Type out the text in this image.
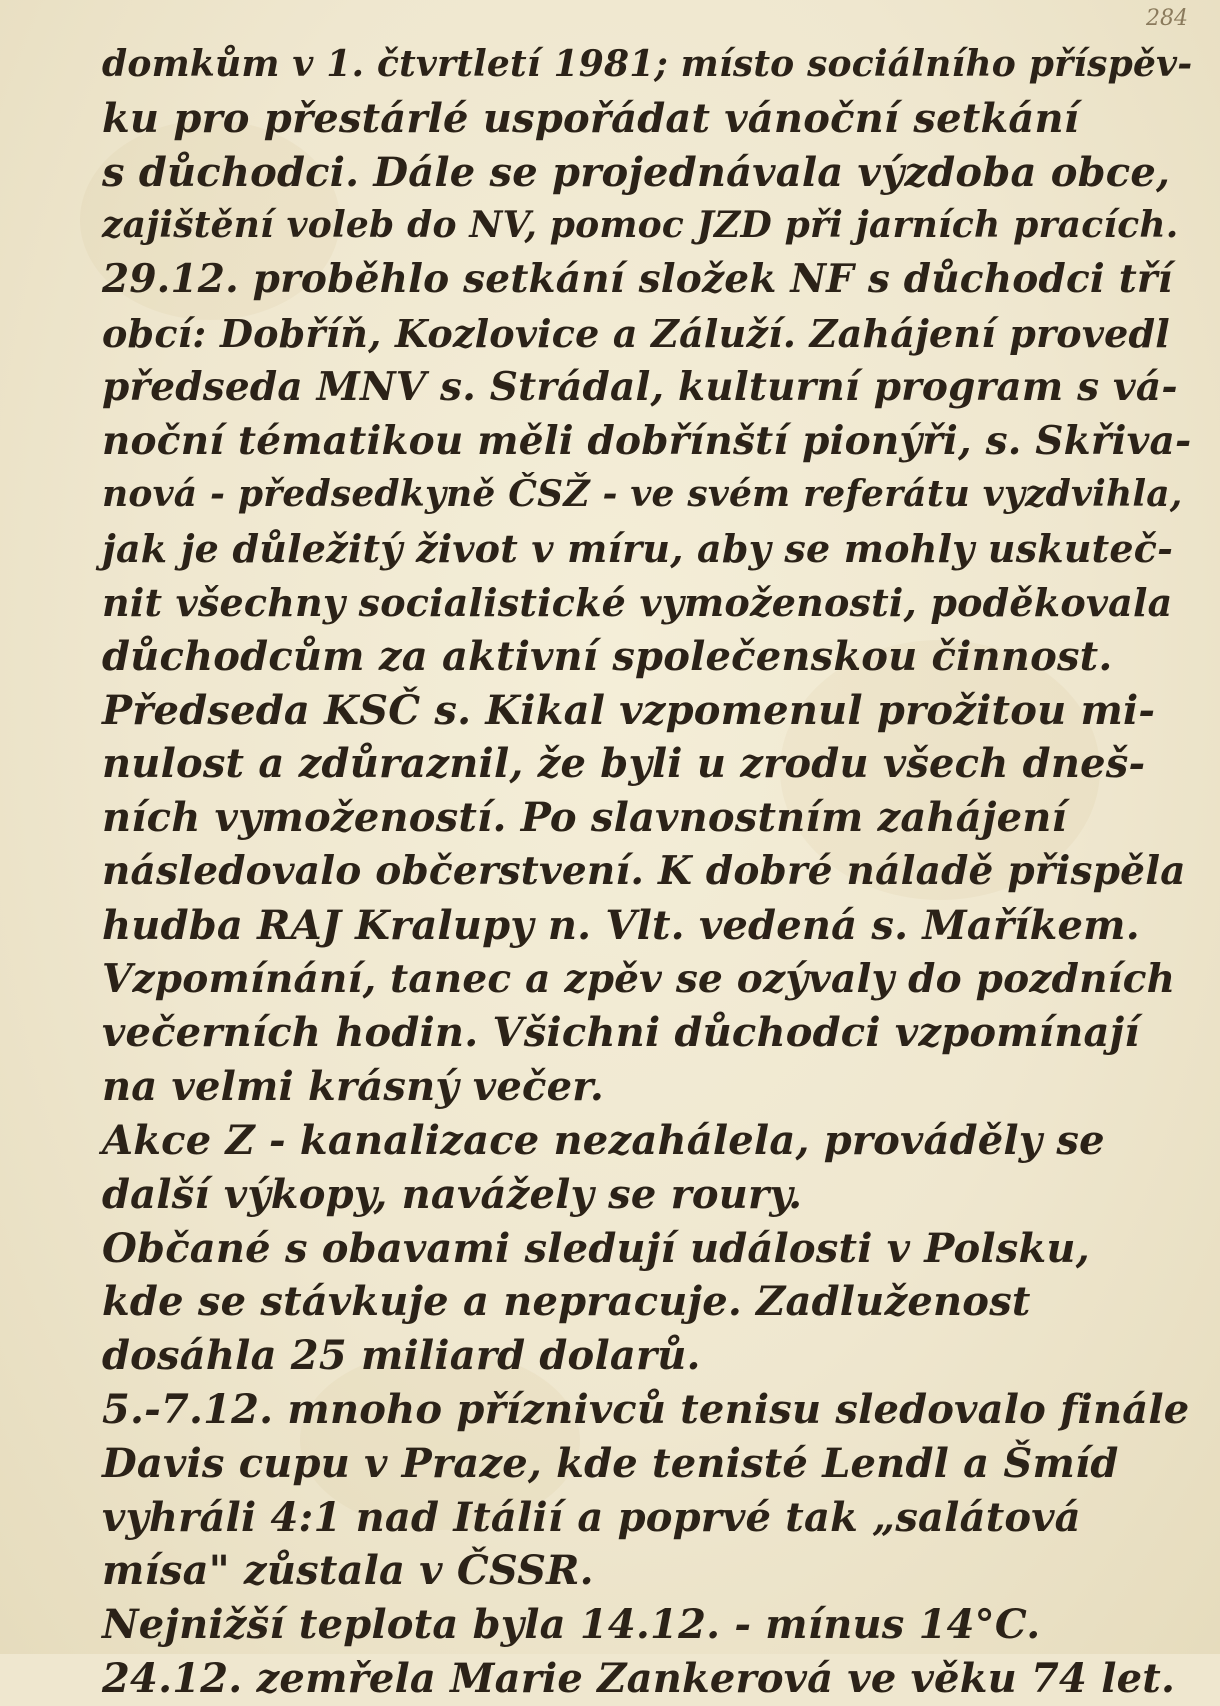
284
domkům v 1. čtvrtletí 1981; místo sociálního příspěv-
ku pro přestárlé uspořádat vánoční setkání
s důchodci. Dále se projednávala výzdoba obce,
zajištění voleb do NV, pomoc JZD při jarních pracích.
29.12. proběhlo setkání složek NF s důchodci tří
obcí: Dobříň, Kozlovice a Záluží. Zahájení provedl
předseda MNV s. Strádal, kulturní program s vá-
noční tématikou měli dobřínští pionýři, s. Skřiva-
nová - předsedkyně ČSŽ - ve svém referátu vyzdvihla,
jak je důležitý život v míru, aby se mohly uskuteč-
nit všechny socialistické vymoženosti, poděkovala
důchodcům za aktivní společenskou činnost.
Předseda KSČ s. Kikal vzpomenul prožitou mi-
nulost a zdůraznil, že byli u zrodu všech dneš-
ních vymožeností. Po slavnostním zahájení
následovalo občerstvení. K dobré náladě přispěla
hudba RAJ Kralupy n. Vlt. vedená s. Maříkem.
Vzpomínání, tanec a zpěv se ozývaly do pozdních
večerních hodin. Všichni důchodci vzpomínají
na velmi krásný večer.
Akce Z - kanalizace nezahálela, prováděly se
další výkopy, navážely se roury.
Občané s obavami sledují události v Polsku,
kde se stávkuje a nepracuje. Zadluženost
dosáhla 25 miliard dolarů.
5.-7.12. mnoho příznivců tenisu sledovalo finále
Davis cupu v Praze, kde tenisté Lendl a Šmíd
vyhráli 4:1 nad Itálií a poprvé tak „salátová
mísa" zůstala v ČSSR.
Nejnižší teplota byla 14.12. - mínus 14°C.
24.12. zemřela Marie Zankerová ve věku 74 let.
